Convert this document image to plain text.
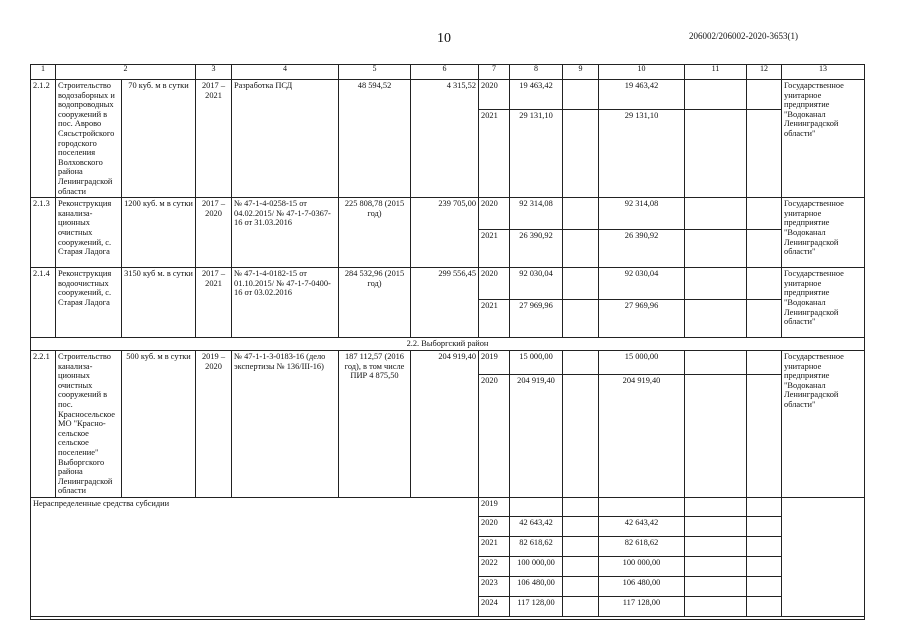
10	206002/206002-2020-3653(1)
1	2		3	4	5	6	7	8	9	10	11	12	13	
2.1.2	Строительство водозаборных и водопроводных сооружений в пос. Аврово Сясьстройского городского поселения Волховского района Ленинградской области	70 куб. м в сутки	2017 – 2021	Разработка ПСД	48 594,52	4 315,52	2020	19 463,42		19 463,42			Государственное унитарное предприятие "Водоканал Ленинградской области"	
							2021	29 131,10		29 131,10				
2.1.3	Реконструкция канализа-ционных очистных сооружений, с. Старая Ладога	1200 куб. м в сутки	2017 – 2020	№ 47-1-4-0258-15 от 04.02.2015/ № 47-1-7-0367-16 от 31.03.2016	225 808,78 (2015 год)	239 705,00	2020	92 314,08		92 314,08			Государственное унитарное предприятие "Водоканал Ленинградской области"	
							2021	26 390,92		26 390,92				
2.1.4	Реконструкция водоочистных сооружений, с. Старая Ладога	3150 куб м. в сутки	2017 – 2021	№ 47-1-4-0182-15 от 01.10.2015/ № 47-1-7-0400-16 от 03.02.2016	284 532,96 (2015 год)	299 556,45	2020	92 030,04		92 030,04			Государственное унитарное предприятие "Водоканал Ленинградской области"	
							2021	27 969,96		27 969,96				
2.2. Выборгский район														
2.2.1	Строительство канализа-ционных очистных сооружений в пос. Красносельское МО "Красно-сельское сельское поселение" Выборгского района Ленинградской области	500 куб. м в сутки	2019 – 2020	№ 47-1-1-3-0183-16 (дело экспертизы № 136/III-16)	187 112,57 (2016 год), в том числе ПИР 4 875,50	204 919,40	2019	15 000,00		15 000,00			Государственное унитарное предприятие "Водоканал Ленинградской области"	
							2020	204 919,40		204 919,40				
Нераспределенные средства субсидии							2019							
							2020	42 643,42		42 643,42				
							2021	82 618,62		82 618,62				
							2022	100 000,00		100 000,00				
							2023	106 480,00		106 480,00				
							2024	117 128,00		117 128,00				
